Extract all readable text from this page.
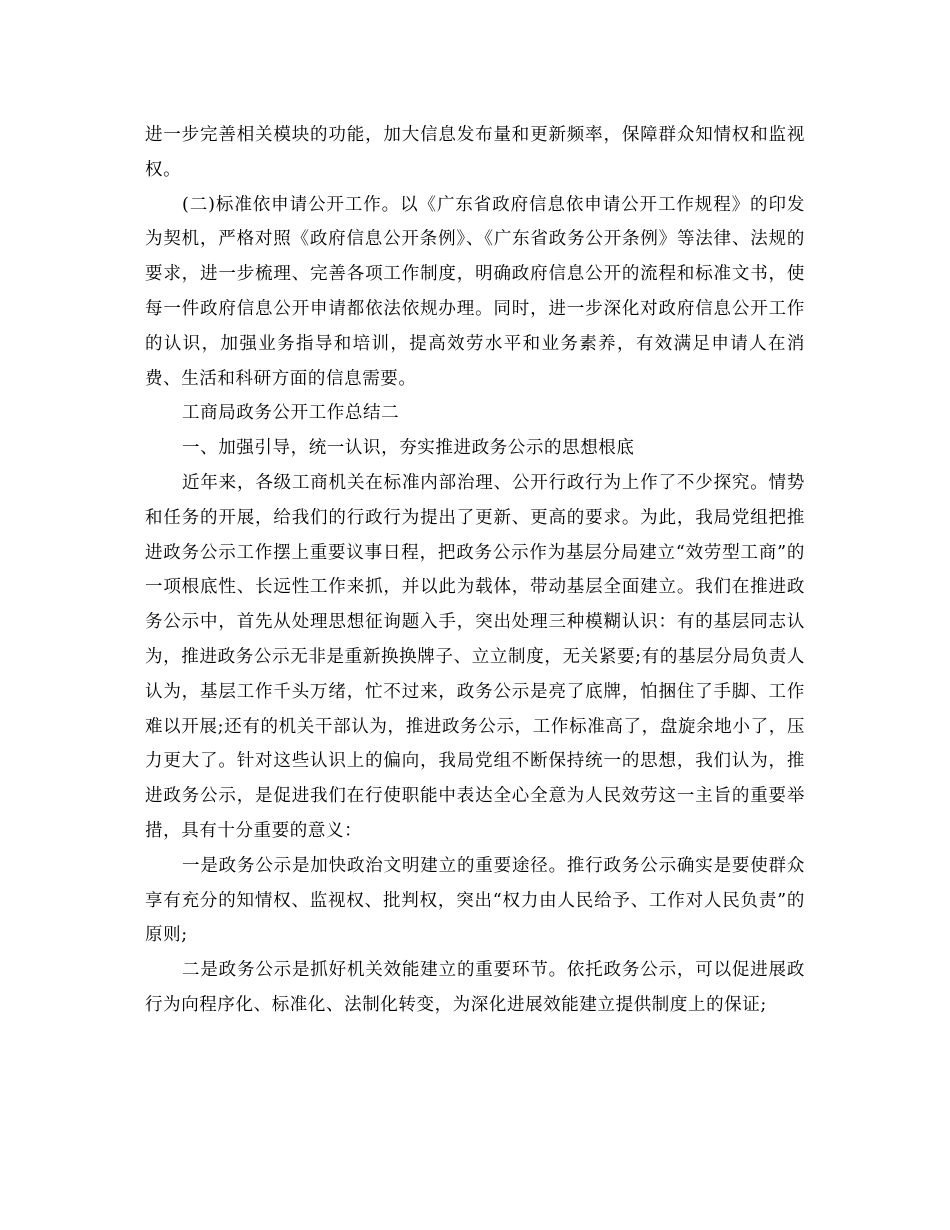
进一步完善相关模块的功能，加大信息发布量和更新频率，保障群众知情权和监视权。

(二)标准依申请公开工作。以《广东省政府信息依申请公开工作规程》的印发为契机，严格对照《政府信息公开条例》、《广东省政务公开条例》等法律、法规的要求，进一步梳理、完善各项工作制度，明确政府信息公开的流程和标准文书，使每一件政府信息公开申请都依法依规办理。同时，进一步深化对政府信息公开工作的认识，加强业务指导和培训，提高效劳水平和业务素养，有效满足申请人在消费、生活和科研方面的信息需要。

工商局政务公开工作总结二

一、加强引导，统一认识，夯实推进政务公示的思想根底

近年来，各级工商机关在标准内部治理、公开行政行为上作了不少探究。情势和任务的开展，给我们的行政行为提出了更新、更高的要求。为此，我局党组把推进政务公示工作摆上重要议事日程，把政务公示作为基层分局建立“效劳型工商”的一项根底性、长远性工作来抓，并以此为载体，带动基层全面建立。我们在推进政务公示中，首先从处理思想征询题入手，突出处理三种模糊认识：有的基层同志认为，推进政务公示无非是重新换换牌子、立立制度，无关紧要;有的基层分局负责人认为，基层工作千头万绪，忙不过来，政务公示是亮了底牌，怕捆住了手脚、工作难以开展;还有的机关干部认为，推进政务公示，工作标准高了，盘旋余地小了，压力更大了。针对这些认识上的偏向，我局党组不断保持统一的思想，我们认为，推进政务公示，是促进我们在行使职能中表达全心全意为人民效劳这一主旨的重要举措，具有十分重要的意义：

一是政务公示是加快政治文明建立的重要途径。推行政务公示确实是要使群众享有充分的知情权、监视权、批判权，突出“权力由人民给予、工作对人民负责”的原则;

二是政务公示是抓好机关效能建立的重要环节。依托政务公示，可以促进展政行为向程序化、标准化、法制化转变，为深化进展效能建立提供制度上的保证;
